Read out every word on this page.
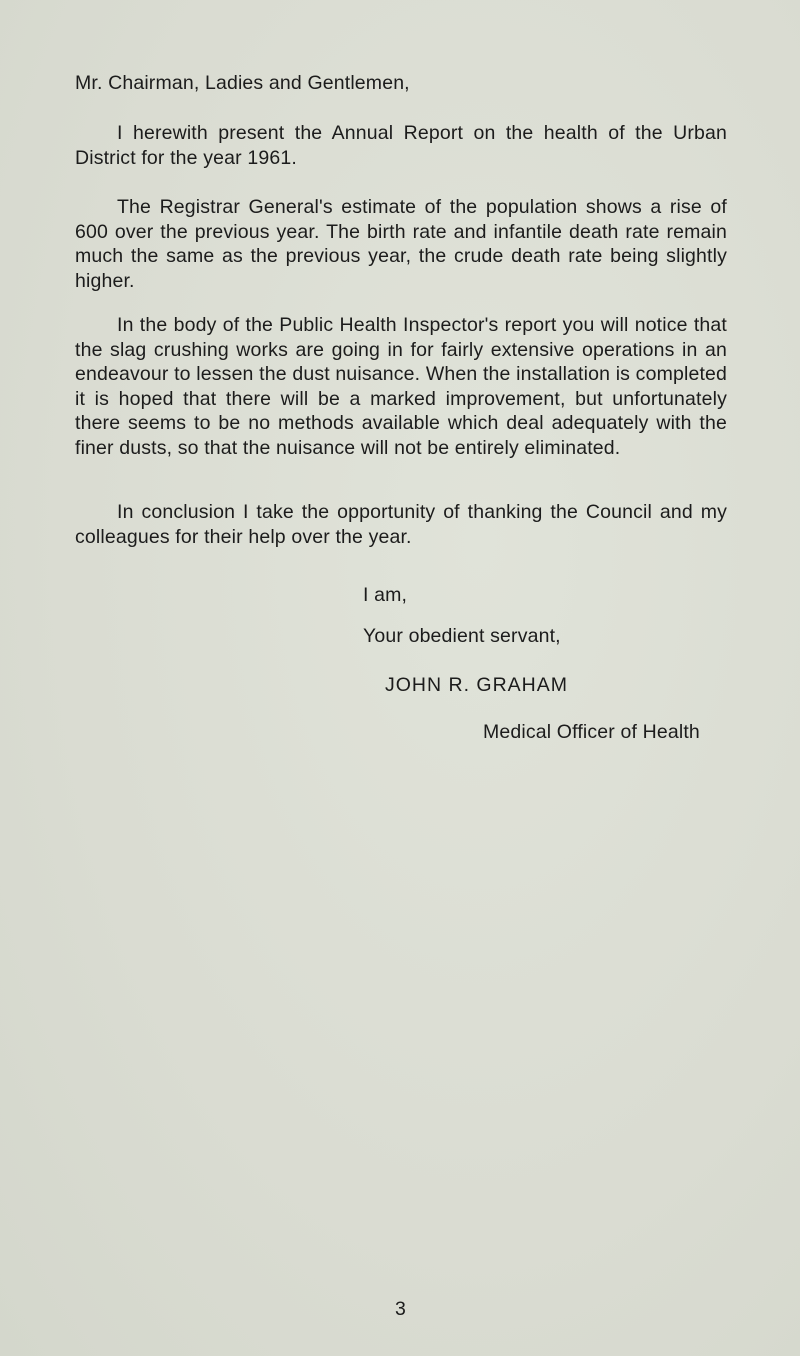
Mr. Chairman, Ladies and Gentlemen,
I herewith present the Annual Report on the health of the Urban District for the year 1961.
The Registrar General's estimate of the population shows a rise of 600 over the previous year. The birth rate and infantile death rate remain much the same as the previous year, the crude death rate being slightly higher.
In the body of the Public Health Inspector's report you will notice that the slag crushing works are going in for fairly extensive operations in an endeavour to lessen the dust nuisance. When the installation is completed it is hoped that there will be a marked improvement, but unfortunately there seems to be no methods available which deal adequately with the finer dusts, so that the nuisance will not be entirely eliminated.
In conclusion I take the opportunity of thanking the Council and my colleagues for their help over the year.
I am,
Your obedient servant,
JOHN R. GRAHAM
Medical Officer of Health
3
